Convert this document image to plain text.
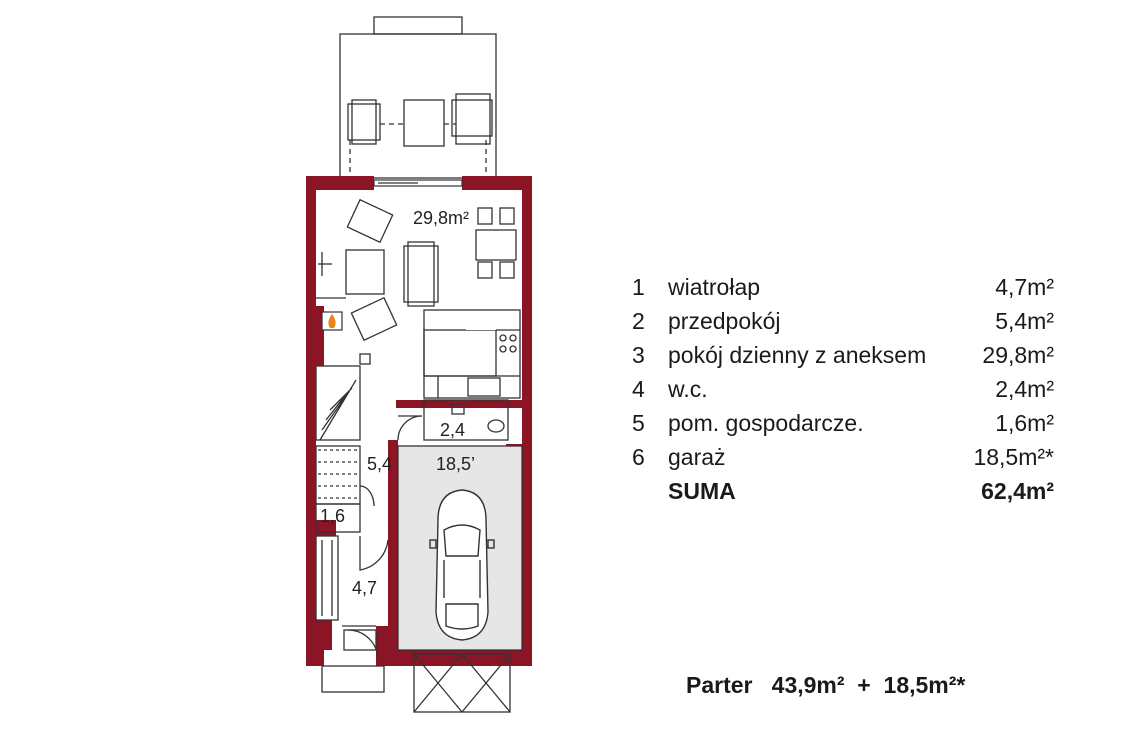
29,8m²
2,4
5,4 18,5’
1,6
4,7
1 wiatrołap	4,7m²
2 przedpokój	5,4m²
3 pokój dzienny z aneksem 29,8m²
4 w.c.	2,4m²
5 pom. gospodarcze.	1,6m²
6 garaż	18,5m²*
SUMA	62,4m²
Parter   43,9m²  +  18,5m²*
